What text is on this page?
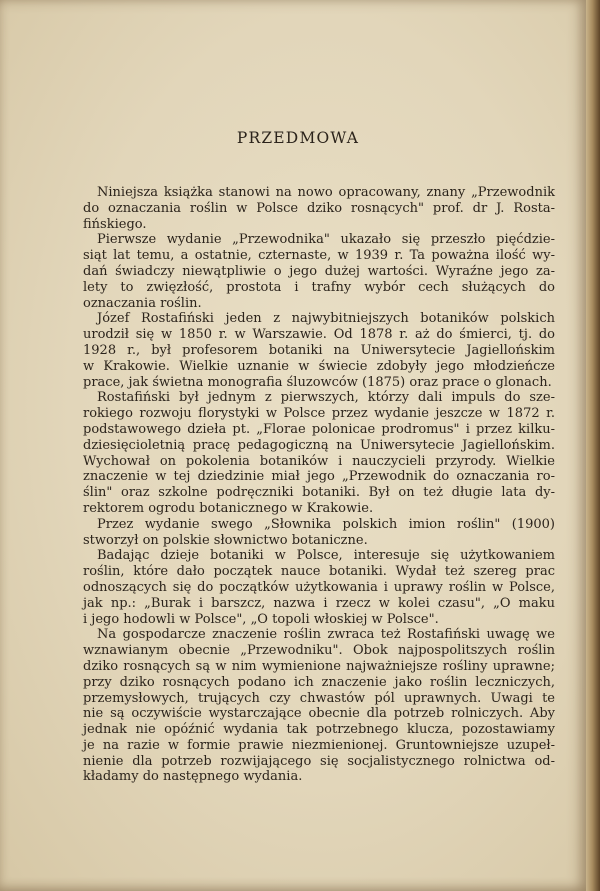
PRZEDMOWA
Niniejsza książka stanowi na nowo opracowany, znany „Przewodnik
do oznaczania roślin w Polsce dziko rosnących" prof. dr J. Rosta-
fińskiego.
Pierwsze wydanie „Przewodnika" ukazało się przeszło pięćdzie-
siąt lat temu, a ostatnie, czternaste, w 1939 r. Ta poważna ilość wy-
dań świadczy niewątpliwie o jego dużej wartości. Wyraźne jego za-
lety to zwięzłość, prostota i trafny wybór cech służących do
oznaczania roślin.
Józef Rostafiński jeden z najwybitniejszych botaników polskich
urodził się w 1850 r. w Warszawie. Od 1878 r. aż do śmierci, tj. do
1928 r., był profesorem botaniki na Uniwersytecie Jagiellońskim
w Krakowie. Wielkie uznanie w świecie zdobyły jego młodzieńcze
prace, jak świetna monografia śluzowców (1875) oraz prace o glonach.
Rostafiński był jednym z pierwszych, którzy dali impuls do sze-
rokiego rozwoju florystyki w Polsce przez wydanie jeszcze w 1872 r.
podstawowego dzieła pt. „Florae polonicae prodromus" i przez kilku-
dziesięcioletnią pracę pedagogiczną na Uniwersytecie Jagiellońskim.
Wychował on pokolenia botaników i nauczycieli przyrody. Wielkie
znaczenie w tej dziedzinie miał jego „Przewodnik do oznaczania ro-
ślin" oraz szkolne podręczniki botaniki. Był on też długie lata dy-
rektorem ogrodu botanicznego w Krakowie.
Przez wydanie swego „Słownika polskich imion roślin" (1900)
stworzył on polskie słownictwo botaniczne.
Badając dzieje botaniki w Polsce, interesuje się użytkowaniem
roślin, które dało początek nauce botaniki. Wydał też szereg prac
odnoszących się do początków użytkowania i uprawy roślin w Polsce,
jak np.: „Burak i barszcz, nazwa i rzecz w kolei czasu", „O maku
i jego hodowli w Polsce", „O topoli włoskiej w Polsce".
Na gospodarcze znaczenie roślin zwraca też Rostafiński uwagę we
wznawianym obecnie „Przewodniku". Obok najpospolitszych roślin
dziko rosnących są w nim wymienione najważniejsze rośliny uprawne;
przy dziko rosnących podano ich znaczenie jako roślin leczniczych,
przemysłowych, trujących czy chwastów pól uprawnych. Uwagi te
nie są oczywiście wystarczające obecnie dla potrzeb rolniczych. Aby
jednak nie opóźnić wydania tak potrzebnego klucza, pozostawiamy
je na razie w formie prawie niezmienionej. Gruntowniejsze uzupeł-
nienie dla potrzeb rozwijającego się socjalistycznego rolnictwa od-
kładamy do następnego wydania.
